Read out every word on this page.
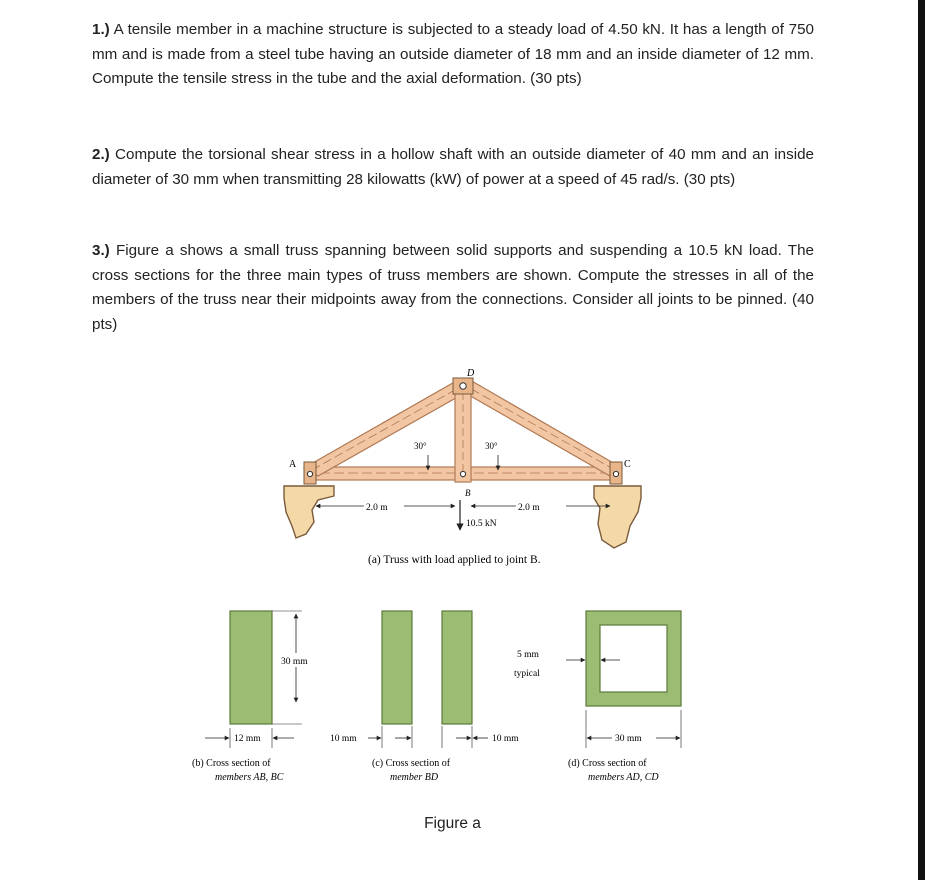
1.) A tensile member in a machine structure is subjected to a steady load of 4.50 kN. It has a length of 750 mm and is made from a steel tube having an outside diameter of 18 mm and an inside diameter of 12 mm. Compute the tensile stress in the tube and the axial deformation. (30 pts)
2.) Compute the torsional shear stress in a hollow shaft with an outside diameter of 40 mm and an inside diameter of 30 mm when transmitting 28 kilowatts (kW) of power at a speed of 45 rad/s. (30 pts)
3.) Figure a shows a small truss spanning between solid supports and suspending a 10.5 kN load. The cross sections for the three main types of truss members are shown. Compute the stresses in all of the members of the truss near their midpoints away from the connections. Consider all joints to be pinned. (40 pts)
A	C
D
B
30°	30°
2.0 m	2.0 m
10.5 kN
(a) Truss with load applied to joint B.
30 mm
12 mm
(b) Cross section of
members AB, BC
10 mm	10 mm
(c) Cross section of
member BD
5 mm
typical
30 mm
(d) Cross section of
members AD, CD
Figure a
